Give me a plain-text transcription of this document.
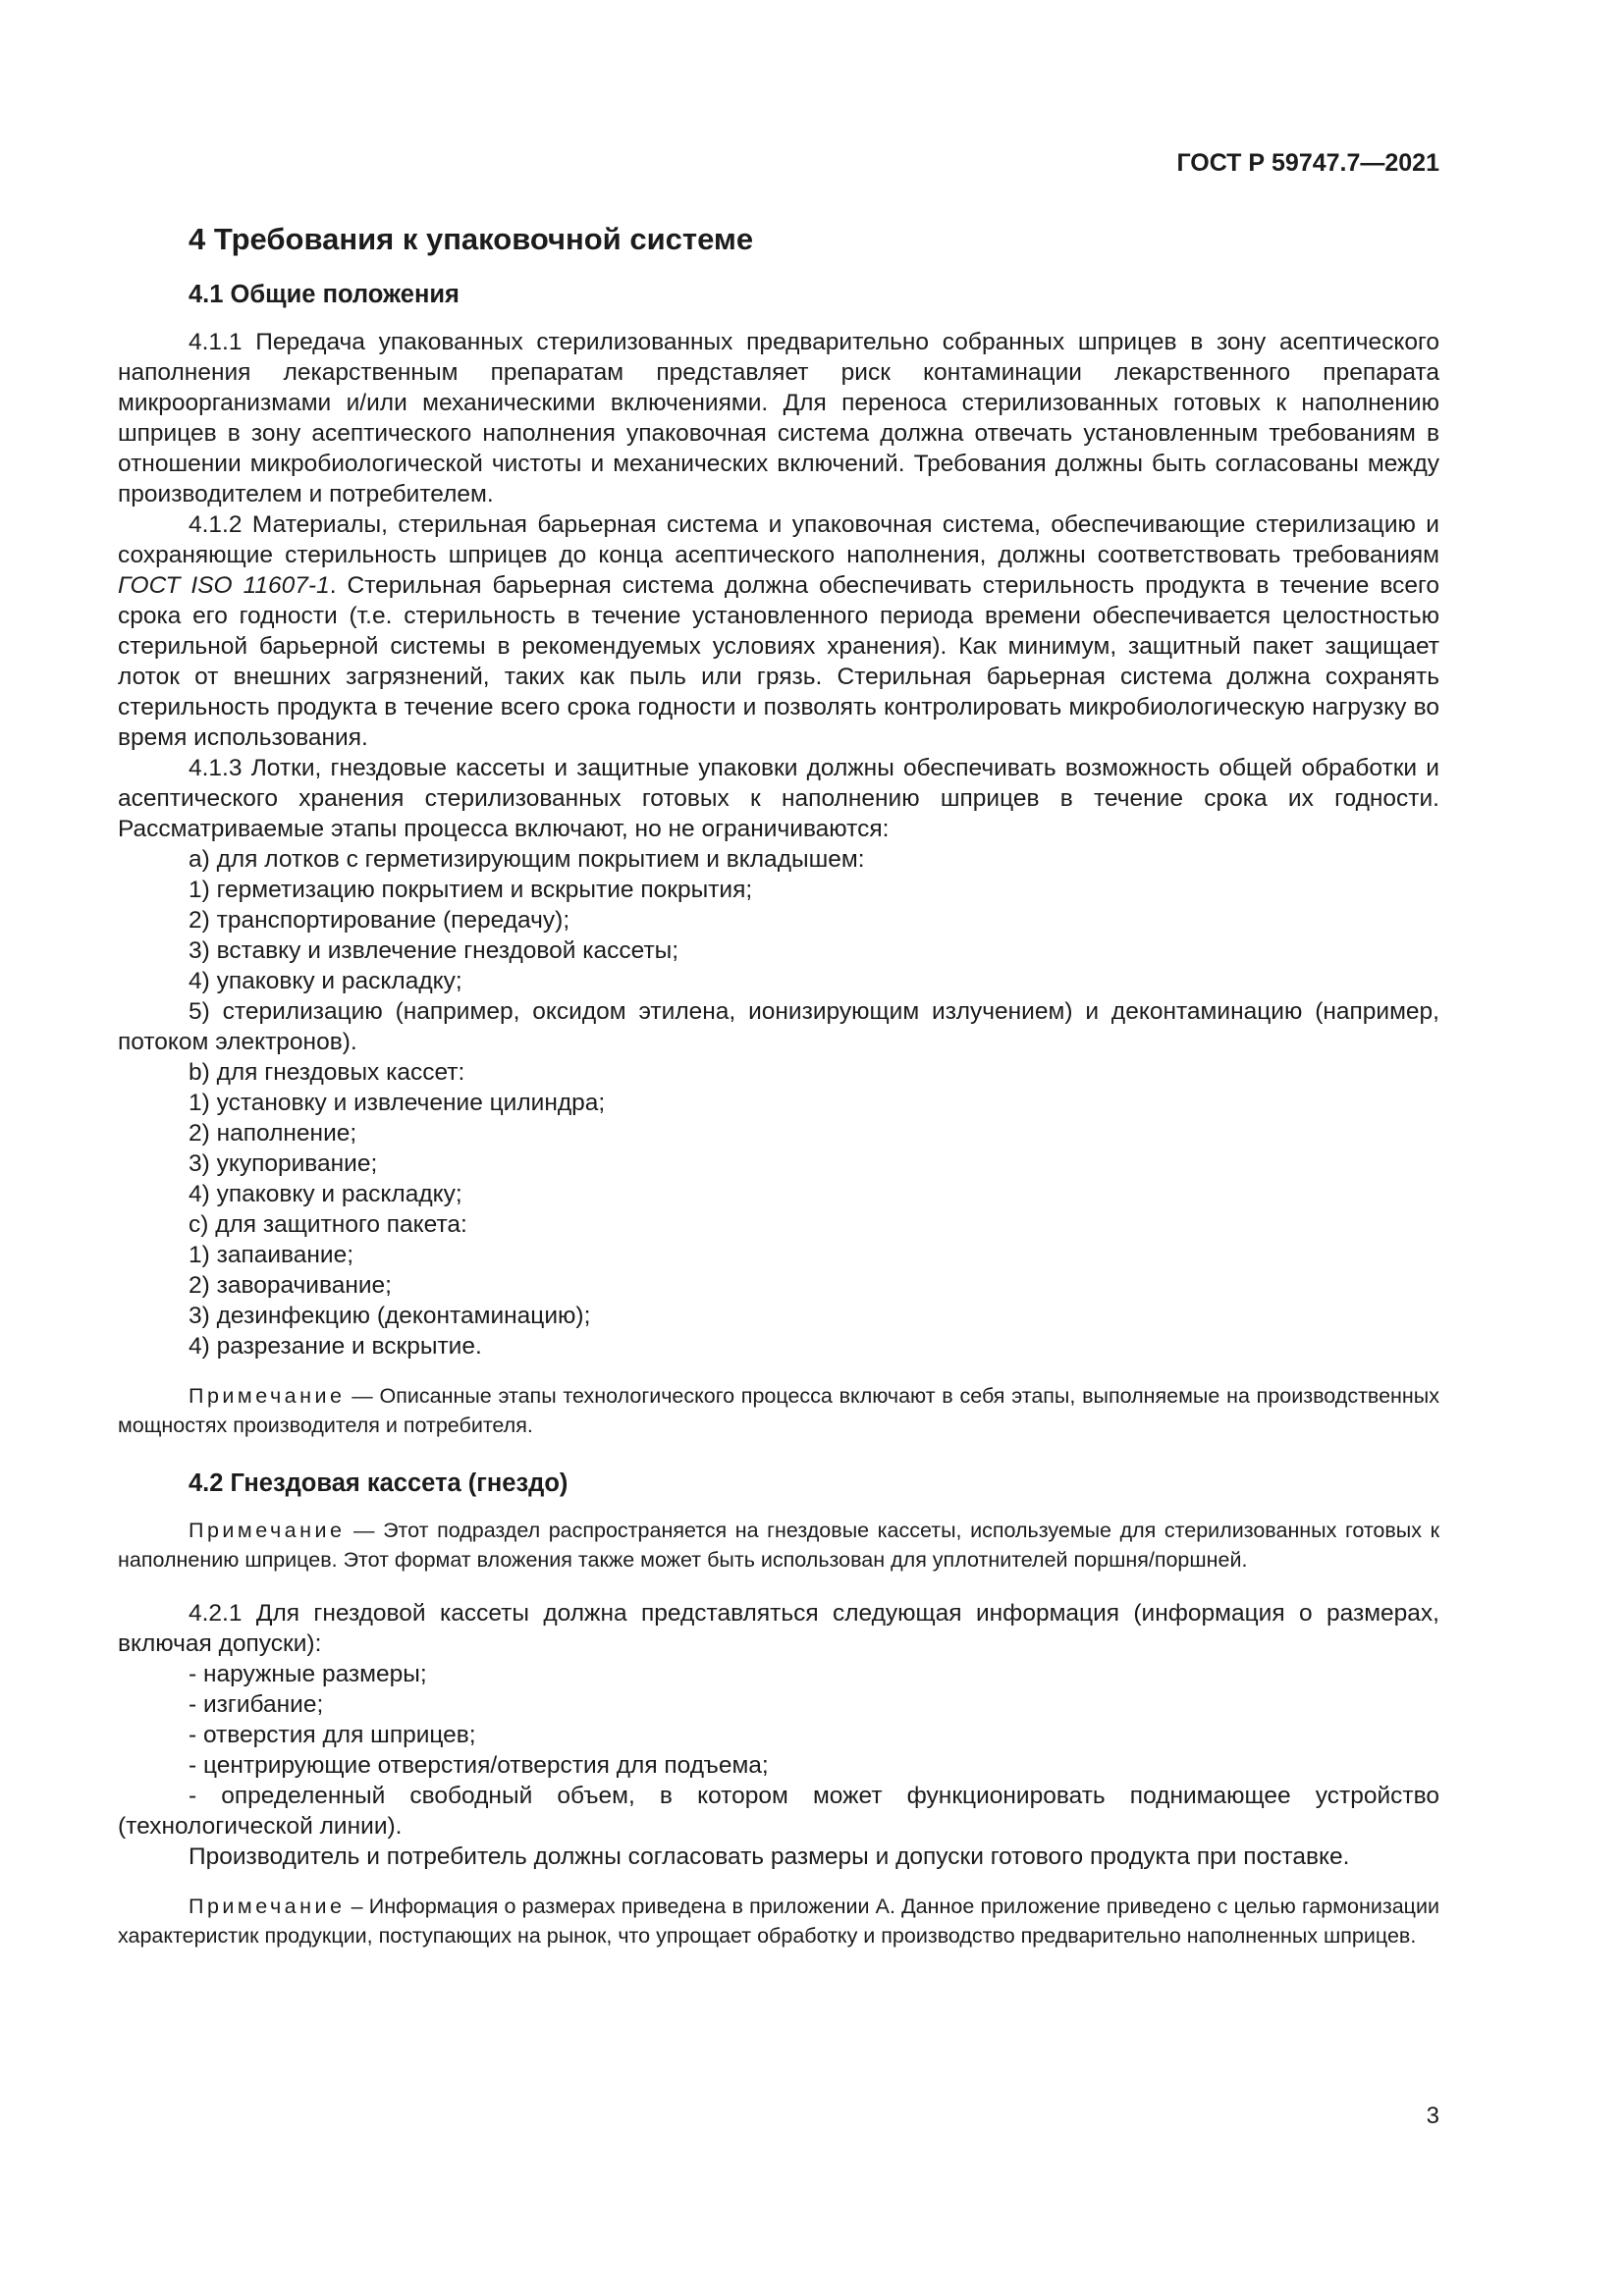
ГОСТ Р 59747.7—2021
4 Требования к упаковочной системе
4.1 Общие положения

4.1.1 Передача упакованных стерилизованных предварительно собранных шприцев в зону асептического наполнения лекарственным препаратам представляет риск контаминации лекарственного препарата микроорганизмами и/или механическими включениями. Для переноса стерилизованных готовых к наполнению шприцев в зону асептического наполнения упаковочная система должна отвечать установленным требованиям в отношении микробиологической чистоты и механических включений. Требования должны быть согласованы между производителем и потребителем.

4.1.2 Материалы, стерильная барьерная система и упаковочная система, обеспечивающие стерилизацию и сохраняющие стерильность шприцев до конца асептического наполнения, должны соответствовать требованиям ГОСТ ISO 11607-1. Стерильная барьерная система должна обеспечивать стерильность продукта в течение всего срока его годности (т.е. стерильность в течение установленного периода времени обеспечивается целостностью стерильной барьерной системы в рекомендуемых условиях хранения). Как минимум, защитный пакет защищает лоток от внешних загрязнений, таких как пыль или грязь. Стерильная барьерная система должна сохранять стерильность продукта в течение всего срока годности и позволять контролировать микробиологическую нагрузку во время использования.

4.1.3 Лотки, гнездовые кассеты и защитные упаковки должны обеспечивать возможность общей обработки и асептического хранения стерилизованных готовых к наполнению шприцев в течение срока их годности. Рассматриваемые этапы процесса включают, но не ограничиваются:

а) для лотков с герметизирующим покрытием и вкладышем:

1) герметизацию покрытием и вскрытие покрытия;

2) транспортирование (передачу);

3) вставку и извлечение гнездовой кассеты;

4) упаковку и раскладку;

5) стерилизацию (например, оксидом этилена, ионизирующим излучением) и деконтаминацию (например, потоком электронов).

b) для гнездовых кассет:

1) установку и извлечение цилиндра;

2) наполнение;

3) укупоривание;

4) упаковку и раскладку;

с) для защитного пакета:

1) запаивание;

2) заворачивание;

3) дезинфекцию (деконтаминацию);

4) разрезание и вскрытие.

Примечание — Описанные этапы технологического процесса включают в себя этапы, выполняемые на производственных мощностях производителя и потребителя.

4.2 Гнездовая кассета (гнездо)

Примечание — Этот подраздел распространяется на гнездовые кассеты, используемые для стерилизованных готовых к наполнению шприцев. Этот формат вложения также может быть использован для уплотнителей поршня/поршней.

4.2.1 Для гнездовой кассеты должна представляться следующая информация (информация о размерах, включая допуски):

- наружные размеры;

- изгибание;

- отверстия для шприцев;

- центрирующие отверстия/отверстия для подъема;

- определенный свободный объем, в котором может функционировать поднимающее устройство (технологической линии).

Производитель и потребитель должны согласовать размеры и допуски готового продукта при поставке.

Примечание – Информация о размерах приведена в приложении А. Данное приложение приведено с целью гармонизации характеристик продукции, поступающих на рынок, что упрощает обработку и производство предварительно наполненных шприцев.

3
